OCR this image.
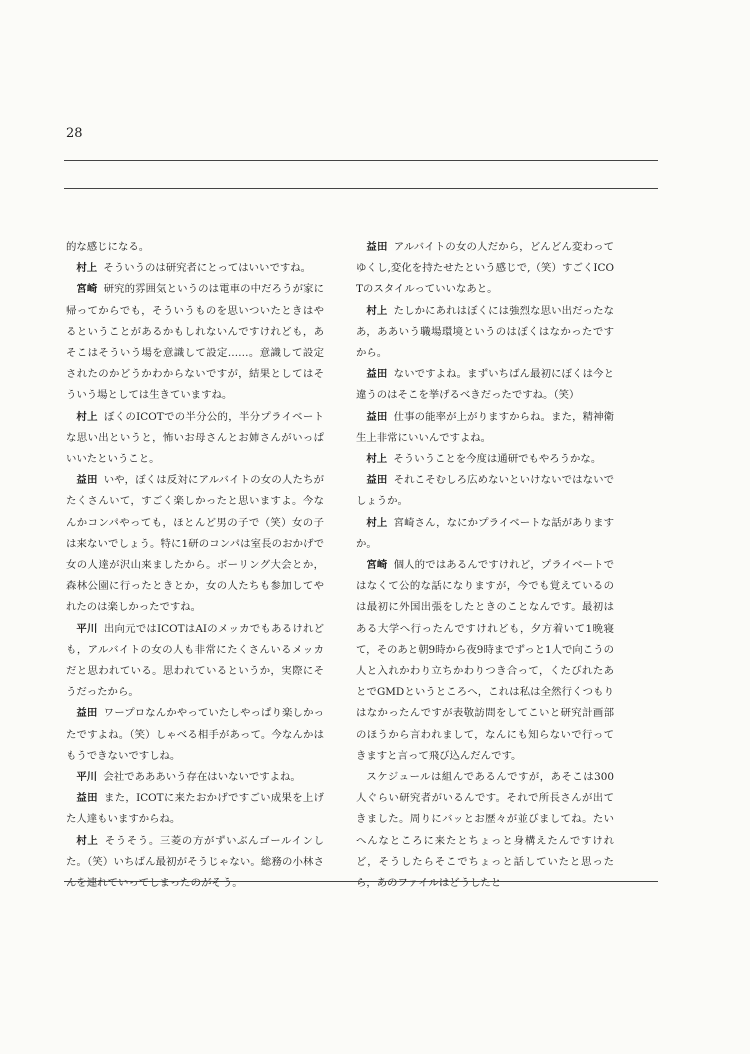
28

的な感じになる。

村上 そういうのは研究者にとってはいいですね。

宮崎 研究的雰囲気というのは電車の中だろうが家に帰ってからでも，そういうものを思いついたときはやるということがあるかもしれないんですけれども，あそこはそういう場を意識して設定……。意識して設定されたのかどうかわからないですが，結果としてはそういう場としては生きていますね。

村上 ぼくのICOTでの半分公的，半分プライベートな思い出というと，怖いお母さんとお姉さんがいっぱいいたということ。

益田 いや，ぼくは反対にアルバイトの女の人たちがたくさんいて，すごく楽しかったと思いますよ。今なんかコンパやっても，ほとんど男の子で（笑）女の子は来ないでしょう。特に1研のコンパは室長のおかげで女の人達が沢山来ましたから。ボーリング大会とか，森林公園に行ったときとか，女の人たちも参加してやれたのは楽しかったですね。

平川 出向元ではICOTはAIのメッカでもあるけれども，アルバイトの女の人も非常にたくさんいるメッカだと思われている。思われているというか，実際にそうだったから。

益田 ワープロなんかやっていたしやっぱり楽しかったですよね。（笑）しゃべる相手があって。今なんかはもうできないですしね。

平川 会社であああいう存在はいないですよね。

益田 また，ICOTに来たおかげですごい成果を上げた人達もいますからね。

村上 そうそう。三菱の方がずいぶんゴールインした。（笑）いちばん最初がそうじゃない。総務の小林さんを連れていってしまったのがそう。

益田 アルバイトの女の人だから，どんどん変わってゆくし,変化を持たせたという感じで,（笑）すごくICOTのスタイルっていいなあと。

村上 たしかにあれはぼくには強烈な思い出だったなあ，ああいう職場環境というのはぼくはなかったですから。

益田 ないですよね。まずいちばん最初にぼくは今と違うのはそこを挙げるべきだったですね。（笑）

益田 仕事の能率が上がりますからね。また，精神衛生上非常にいいんですよね。

村上 そういうことを今度は通研でもやろうかな。

益田 それこそむしろ広めないといけないではないでしょうか。

村上 宮崎さん，なにかプライベートな話がありますか。

宮崎 個人的ではあるんですけれど，プライベートではなくて公的な話になりますが，今でも覚えているのは最初に外国出張をしたときのことなんです。最初はある大学へ行ったんですけれども，夕方着いて1晩寝て，そのあと朝9時から夜9時までずっと1人で向こうの人と入れかわり立ちかわりつき合って，くたびれたあとでGMDというところへ，これは私は全然行くつもりはなかったんですが表敬訪問をしてこいと研究計画部のほうから言われまして，なんにも知らないで行ってきますと言って飛び込んだんです。

スケジュールは組んであるんですが，あそこは300人ぐらい研究者がいるんです。それで所長さんが出てきました。周りにバッとお歴々が並びましてね。たいへんなところに来たとちょっと身構えたんですけれど，そうしたらそこでちょっと話していたと思ったら，あのファイルはどうしたと
